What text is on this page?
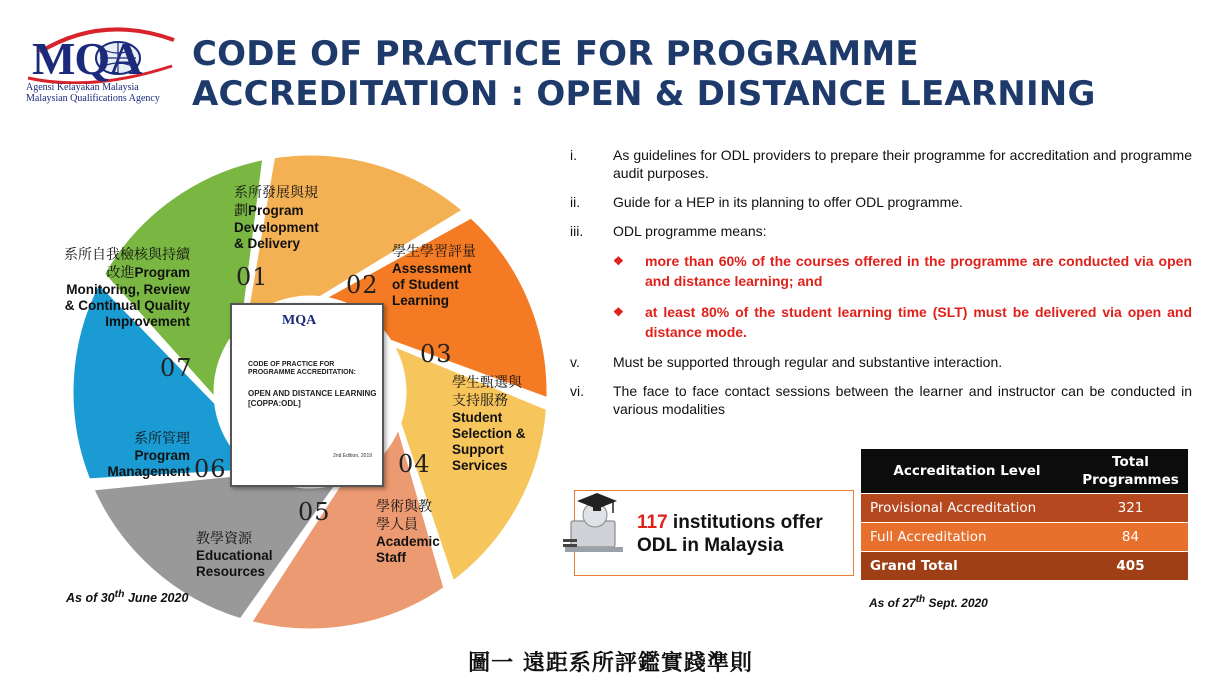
MQA
Agensi Kelayakan Malaysia
Malaysian Qualifications Agency
CODE OF PRACTICE FOR PROGRAMME
ACCREDITATION : OPEN & DISTANCE LEARNING
MQA
CODE OF PRACTICE FOR PROGRAMME ACCREDITATION:
OPEN AND DISTANCE LEARNING [COPPA:ODL]
2nd Edition, 2019
系所發展與規
劃Program
Development
& Delivery
01
學生學習評量
Assessment
of Student
Learning
02
03
學生甄選與
支持服務
Student
Selection &
Support
Services
04
學術與教
學人員
Academic
Staff
05
教學資源
Educational
Resources
系所管理
Program
Management 06
系所自我檢核與持續
改進Program
Monitoring, Review
& Continual Quality
Improvement
07
As of 30th June 2020
i.	As guidelines for ODL providers to prepare their programme for accreditation and programme audit purposes.
ii. Guide for a HEP in its planning to offer ODL programme.
iii. ODL programme means:
❖ more than 60% of the courses offered in the programme are conducted via open and distance learning; and
❖ at least 80% of the student learning time (SLT) must be delivered via open and distance mode.
v. Must be supported through regular and substantive interaction.
vi. The face to face contact sessions between the learner and instructor can be conducted in various modalities
117 institutions offer
ODL in Malaysia
Accreditation Level	Total Programmes
Provisional Accreditation	321
Full Accreditation	84
Grand Total	405
As of 27th Sept. 2020
圖一 遠距系所評鑑實踐準則
